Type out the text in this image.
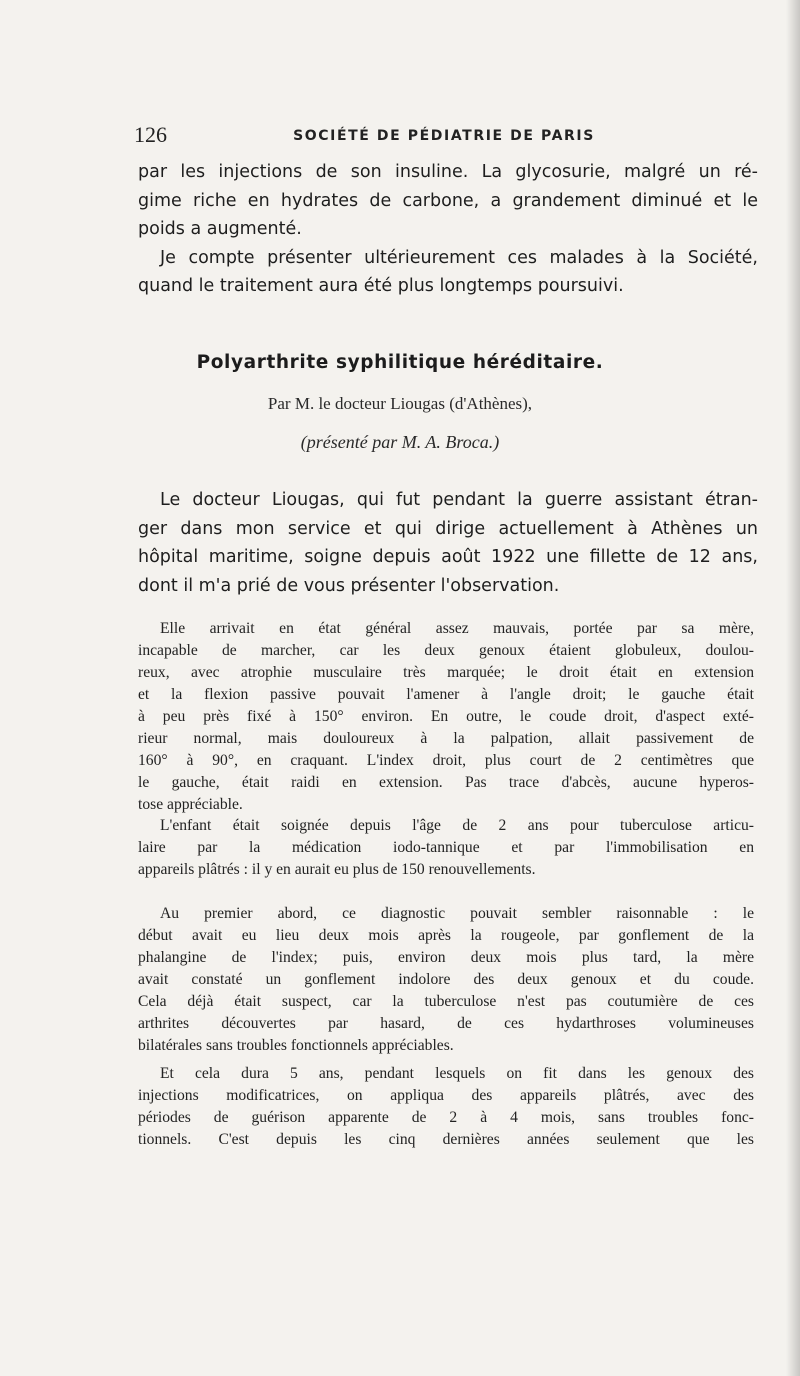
126	SOCIÉTÉ DE PÉDIATRIE DE PARIS
par les injections de son insuline. La glycosurie, malgré un ré-
gime riche en hydrates de carbone, a grandement diminué et le
poids a augmenté.
Je compte présenter ultérieurement ces malades à la Société,
quand le traitement aura été plus longtemps poursuivi.
Polyarthrite syphilitique héréditaire.
Par M. le docteur Liougas (d'Athènes),
(présenté par M. A. Broca.)
Le docteur Liougas, qui fut pendant la guerre assistant étran-
ger dans mon service et qui dirige actuellement à Athènes un
hôpital maritime, soigne depuis août 1922 une fillette de 12 ans,
dont il m'a prié de vous présenter l'observation.
Elle arrivait en état général assez mauvais, portée par sa mère,
incapable de marcher, car les deux genoux étaient globuleux, doulou-
reux, avec atrophie musculaire très marquée; le droit était en extension
et la flexion passive pouvait l'amener à l'angle droit; le gauche était
à peu près fixé à 150° environ. En outre, le coude droit, d'aspect exté-
rieur normal, mais douloureux à la palpation, allait passivement de
160° à 90°, en craquant. L'index droit, plus court de 2 centimètres que
le gauche, était raidi en extension. Pas trace d'abcès, aucune hyperos-
tose appréciable.
L'enfant était soignée depuis l'âge de 2 ans pour tuberculose articu-
laire par la médication iodo-tannique et par l'immobilisation en
appareils plâtrés : il y en aurait eu plus de 150 renouvellements.
Au premier abord, ce diagnostic pouvait sembler raisonnable : le
début avait eu lieu deux mois après la rougeole, par gonflement de la
phalangine de l'index; puis, environ deux mois plus tard, la mère
avait constaté un gonflement indolore des deux genoux et du coude.
Cela déjà était suspect, car la tuberculose n'est pas coutumière de ces
arthrites découvertes par hasard, de ces hydarthroses volumineuses
bilatérales sans troubles fonctionnels appréciables.
Et cela dura 5 ans, pendant lesquels on fit dans les genoux des
injections modificatrices, on appliqua des appareils plâtrés, avec des
périodes de guérison apparente de 2 à 4 mois, sans troubles fonc-
tionnels. C'est depuis les cinq dernières années seulement que les
